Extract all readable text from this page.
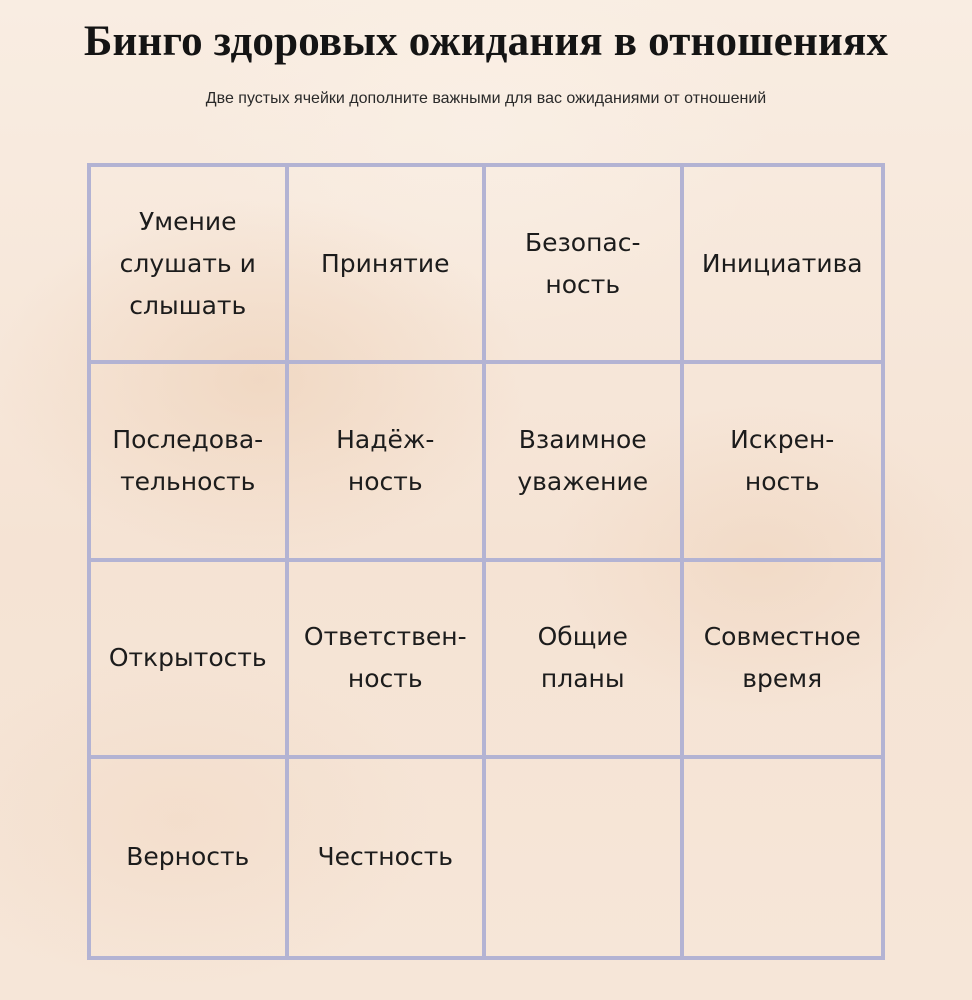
Бинго здоровых ожидания в отношениях
Две пустых ячейки дополните важными для вас ожиданиями от отношений
Умение
слушать и
слышать
Принятие
Безопас-
ность
Инициатива
Последова-
тельность
Надёж-
ность
Взаимное
уважение
Искрен-
ность
Открытость
Ответствен-
ность
Общие
планы
Совместное
время
Верность	Честность
